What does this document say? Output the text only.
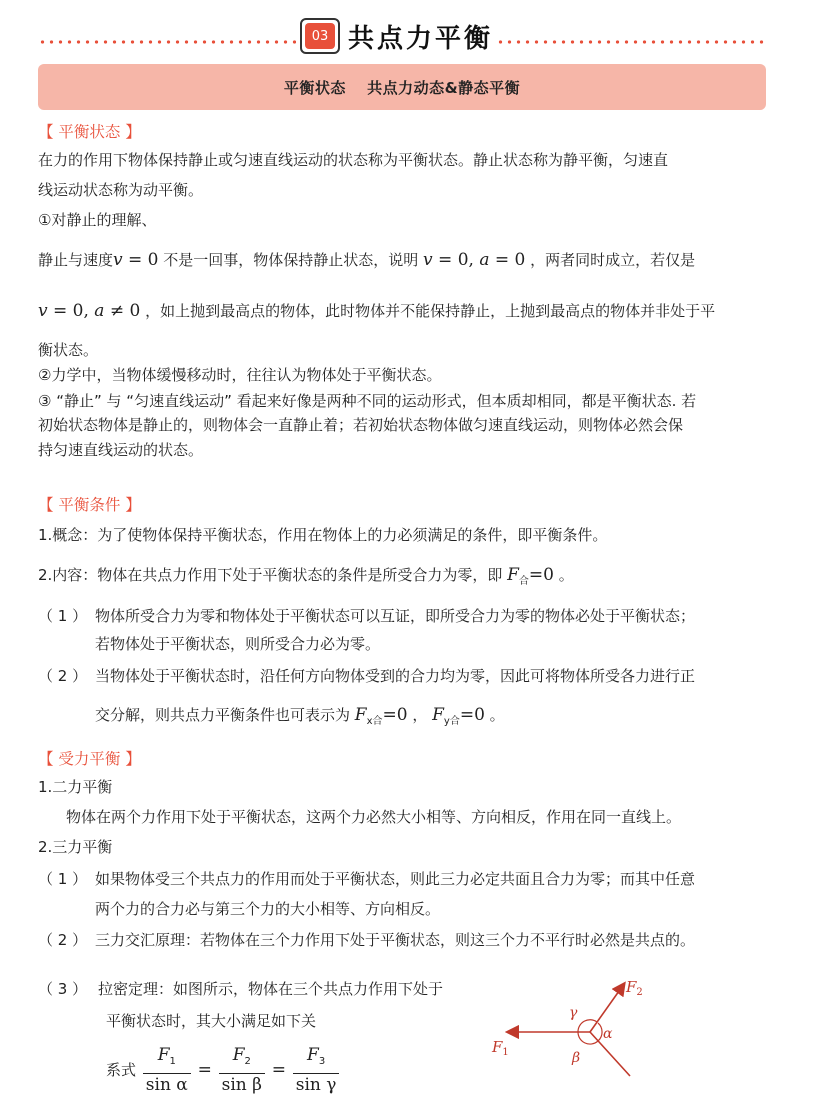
03 共点力平衡
平衡状态　 共点力动态&静态平衡
【 平衡状态 】
在力的作用下物体保持静止或匀速直线运动的状态称为平衡状态。静止状态称为静平衡，匀速直
线运动状态称为动平衡。
①对静止的理解、
静止与速度v = 0 不是一回事，物体保持静止状态，说明 v = 0, a = 0 ，两者同时成立，若仅是
v = 0, a ≠ 0 ，如上抛到最高点的物体，此时物体并不能保持静止，上抛到最高点的物体并非处于平
衡状态。
②力学中，当物体缓慢移动时，往往认为物体处于平衡状态。
③ “静止” 与 “匀速直线运动” 看起来好像是两种不同的运动形式，但本质却相同，都是平衡状态. 若
初始状态物体是静止的，则物体会一直静止着；若初始状态物体做匀速直线运动，则物体必然会保
持匀速直线运动的状态。
【 平衡条件 】
1.概念：为了使物体保持平衡状态，作用在物体上的力必须满足的条件，即平衡条件。
2.内容：物体在共点力作用下处于平衡状态的条件是所受合力为零，即 $F_合=0$ 。
（ 1 ） 物体所受合力为零和物体处于平衡状态可以互证，即所受合力为零的物体必处于平衡状态；
若物体处于平衡状态，则所受合力必为零。
（ 2 ） 当物体处于平衡状态时，沿任何方向物体受到的合力均为零，因此可将物体所受各力进行正
交分解，则共点力平衡条件也可表示为 $F_{x合}=0$ ， $F_{y合}=0$ 。
【 受力平衡 】
1.二力平衡
物体在两个力作用下处于平衡状态，这两个力必然大小相等、方向相反，作用在同一直线上。
2.三力平衡
（ 1 ） 如果物体受三个共点力的作用而处于平衡状态，则此三力必定共面且合力为零；而其中任意
两个力的合力必与第三个力的大小相等、方向相反。
（ 2 ） 三力交汇原理：若物体在三个力作用下处于平衡状态，则这三个力不平行时必然是共点的。
（ 3 ） 拉密定理：如图所示，物体在三个共点力作用下处于
平衡状态时，其大小满足如下关
系式 $\frac{F_1}{\text{sin α}} = \frac{F_2}{\text{sin β}} = \frac{F_3}{\text{sin γ}}$	$F_1$
$F_2$
γ
α
β
